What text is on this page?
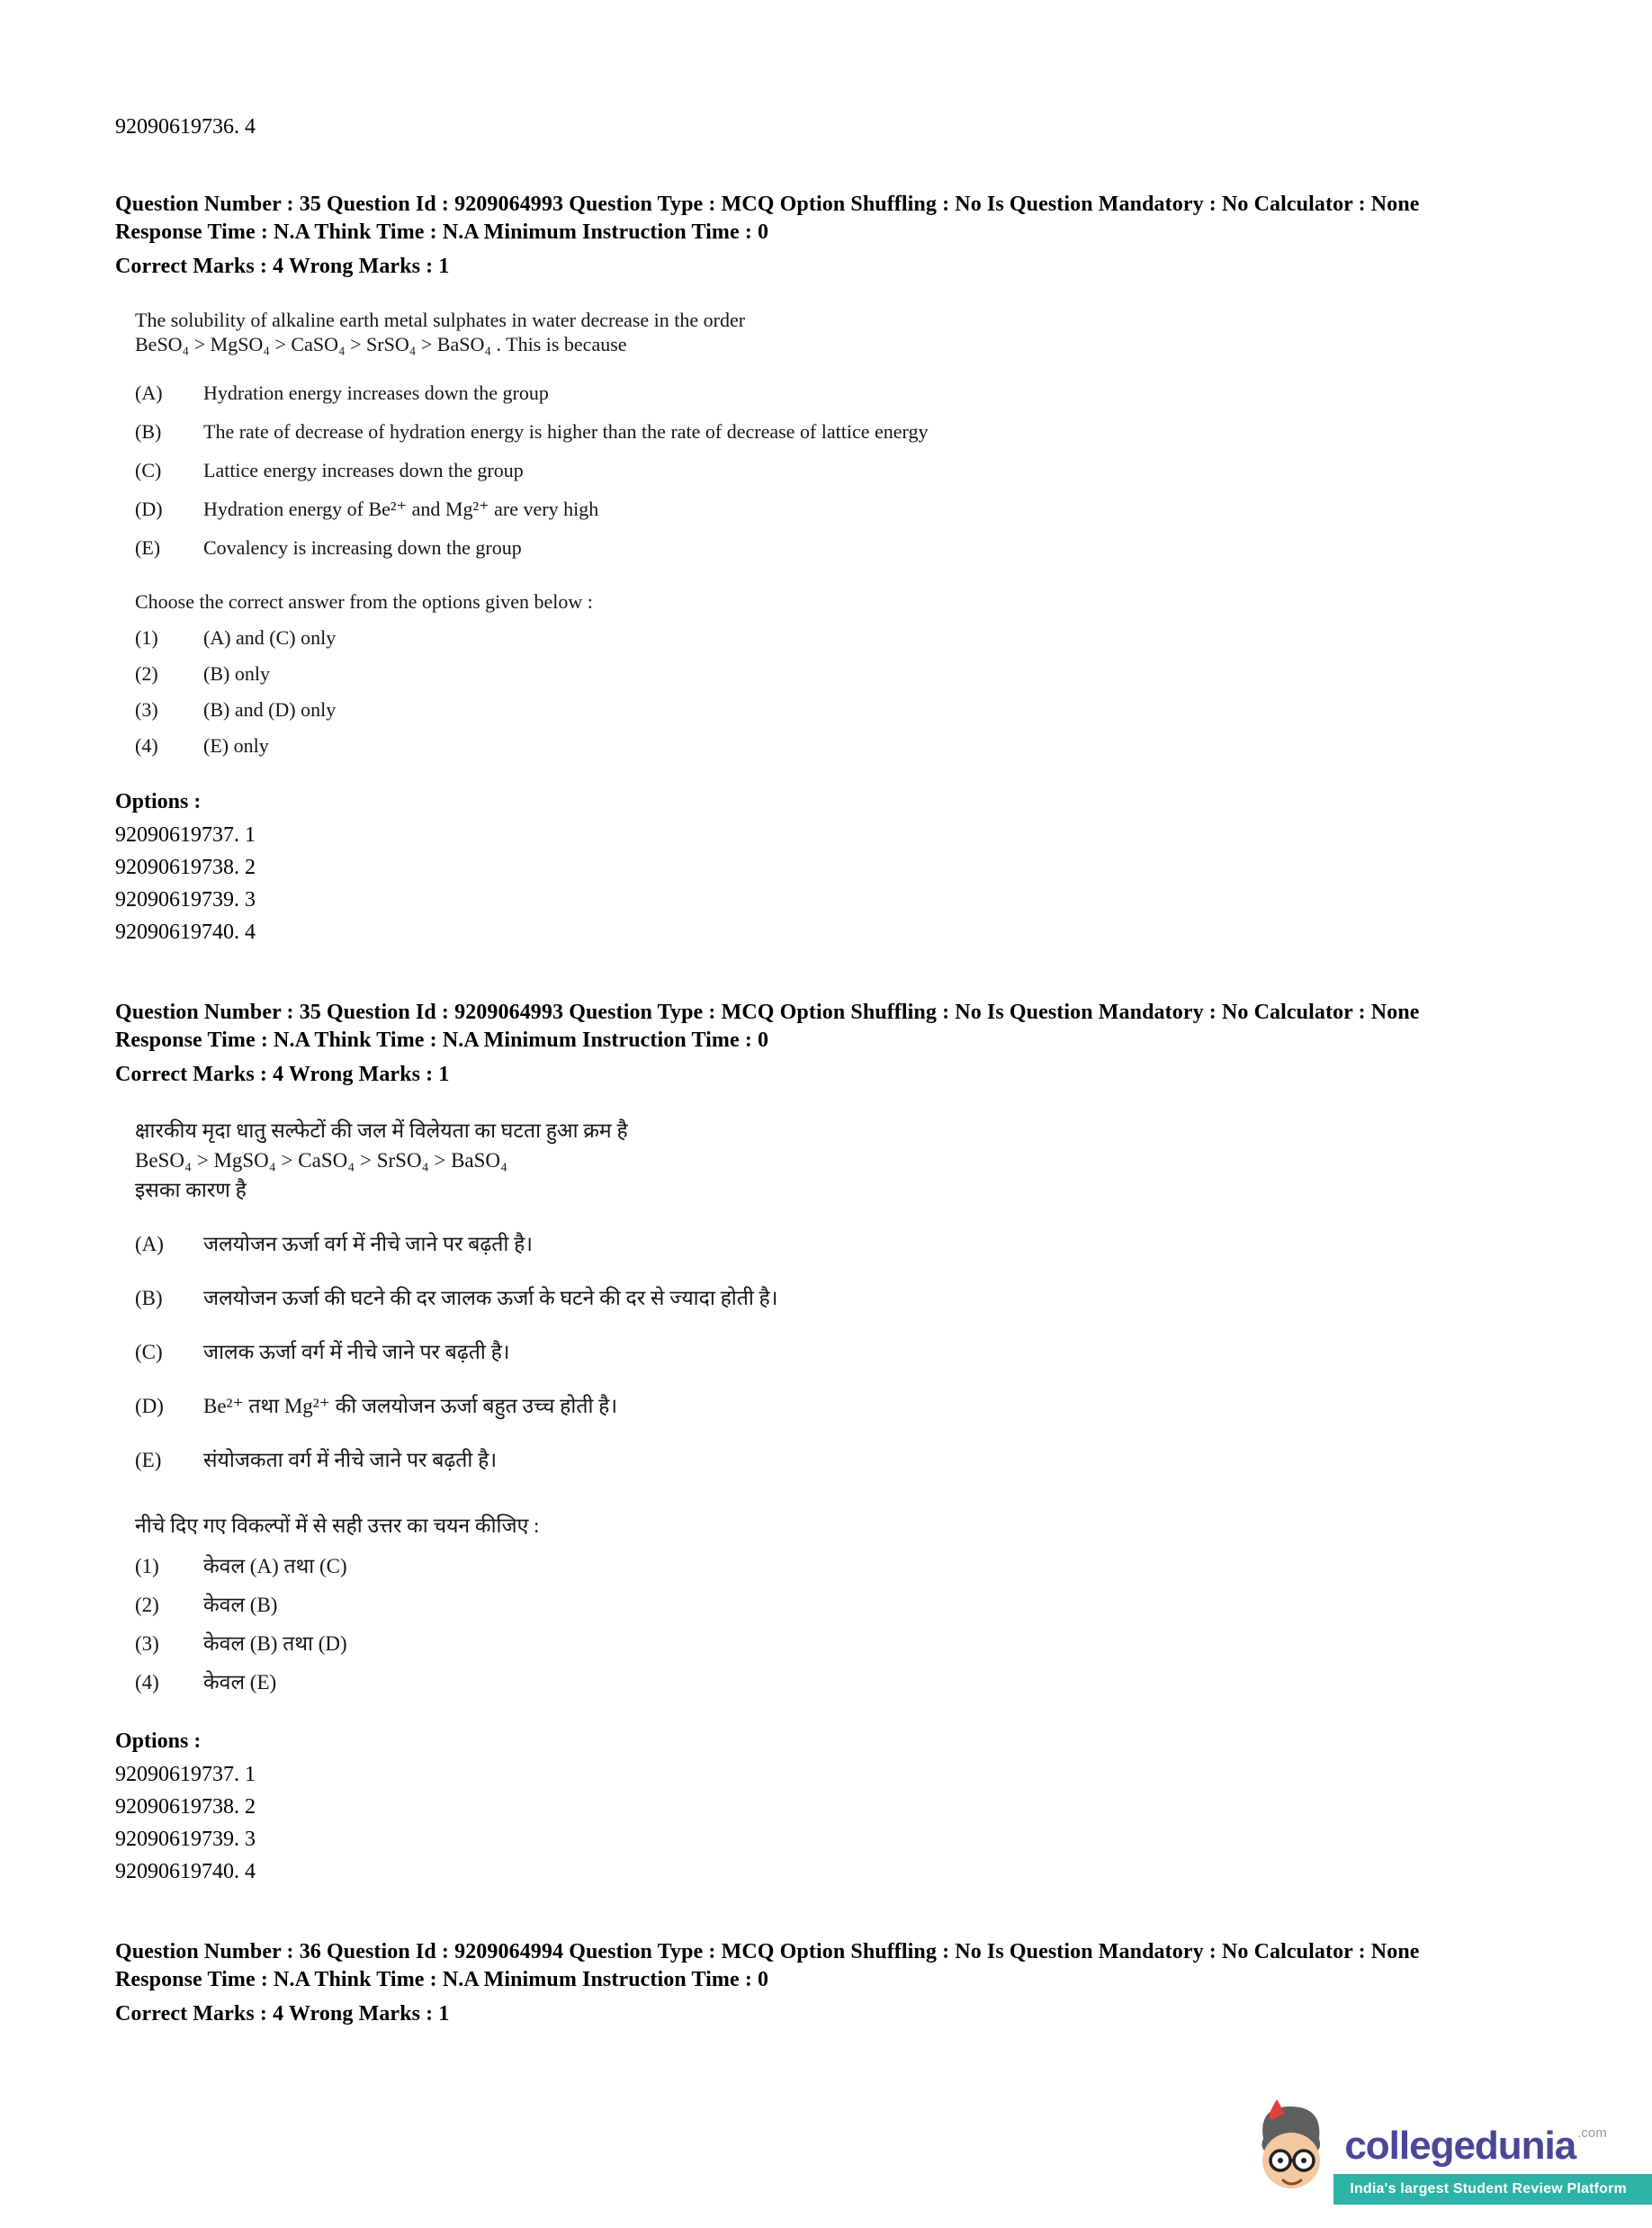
92090619736. 4
Question Number : 35 Question Id : 9209064993 Question Type : MCQ Option Shuffling : No Is Question Mandatory : No Calculator : None
Response Time : N.A Think Time : N.A Minimum Instruction Time : 0
Correct Marks : 4 Wrong Marks : 1
The solubility of alkaline earth metal sulphates in water decrease in the order
BeSO₄ > MgSO₄ > CaSO₄ > SrSO₄ > BaSO₄ . This is because
(A)	Hydration energy increases down the group
(B)	The rate of decrease of hydration energy is higher than the rate of decrease of lattice energy
(C)	Lattice energy increases down the group
(D)	Hydration energy of Be²⁺ and Mg²⁺ are very high
(E)	Covalency is increasing down the group
Choose the correct answer from the options given below :
(1)	(A) and (C) only
(2)	(B) only
(3)	(B) and (D) only
(4)	(E) only
Options :
92090619737. 1
92090619738. 2
92090619739. 3
92090619740. 4
Question Number : 35 Question Id : 9209064993 Question Type : MCQ Option Shuffling : No Is Question Mandatory : No Calculator : None
Response Time : N.A Think Time : N.A Minimum Instruction Time : 0
Correct Marks : 4 Wrong Marks : 1
क्षारकीय मृदा धातु सल्फेटों की जल में विलेयता का घटता हुआ क्रम है
BeSO₄ > MgSO₄ > CaSO₄ > SrSO₄ > BaSO₄
इसका कारण है
(A)	जलयोजन ऊर्जा वर्ग में नीचे जाने पर बढ़ती है।
(B)	जलयोजन ऊर्जा की घटने की दर जालक ऊर्जा के घटने की दर से ज्यादा होती है।
(C)	जालक ऊर्जा वर्ग में नीचे जाने पर बढ़ती है।
(D)	Be²⁺ तथा Mg²⁺ की जलयोजन ऊर्जा बहुत उच्च होती है।
(E)	संयोजकता वर्ग में नीचे जाने पर बढ़ती है।
नीचे दिए गए विकल्पों में से सही उत्तर का चयन कीजिए :
(1)	केवल (A) तथा (C)
(2)	केवल (B)
(3)	केवल (B) तथा (D)
(4)	केवल (E)
Options :
92090619737. 1
92090619738. 2
92090619739. 3
92090619740. 4
Question Number : 36 Question Id : 9209064994 Question Type : MCQ Option Shuffling : No Is Question Mandatory : No Calculator : None
Response Time : N.A Think Time : N.A Minimum Instruction Time : 0
Correct Marks : 4 Wrong Marks : 1
collegedunia $^{.com}$
India's largest Student Review Platform
